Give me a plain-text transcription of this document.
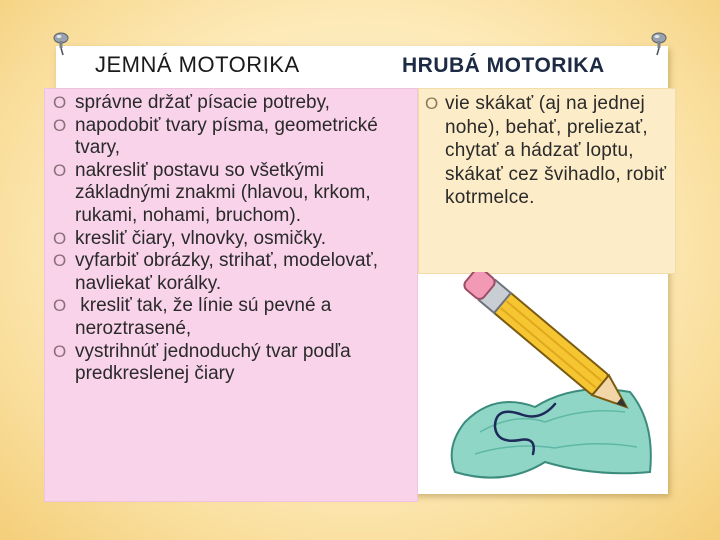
JEMNÁ MOTORIKA	HRUBÁ MOTORIKA
O správne držať písacie potreby,
O napodobiť tvary písma, geometrické tvary,
O nakresliť postavu so všetkými základnými znakmi (hlavou, krkom, rukami, nohami, bruchom).
O kresliť čiary, vlnovky, osmičky.
O vyfarbiť obrázky, strihať, modelovať, navliekať korálky.
O kresliť tak, že línie sú pevné a neroztrasené,
O vystrihnúť jednoduchý tvar podľa predkreslenej čiary
O vie skákať (aj na jednej nohe), behať, preliezať, chytať a hádzať loptu, skákať cez švihadlo, robiť kotrmelce.
